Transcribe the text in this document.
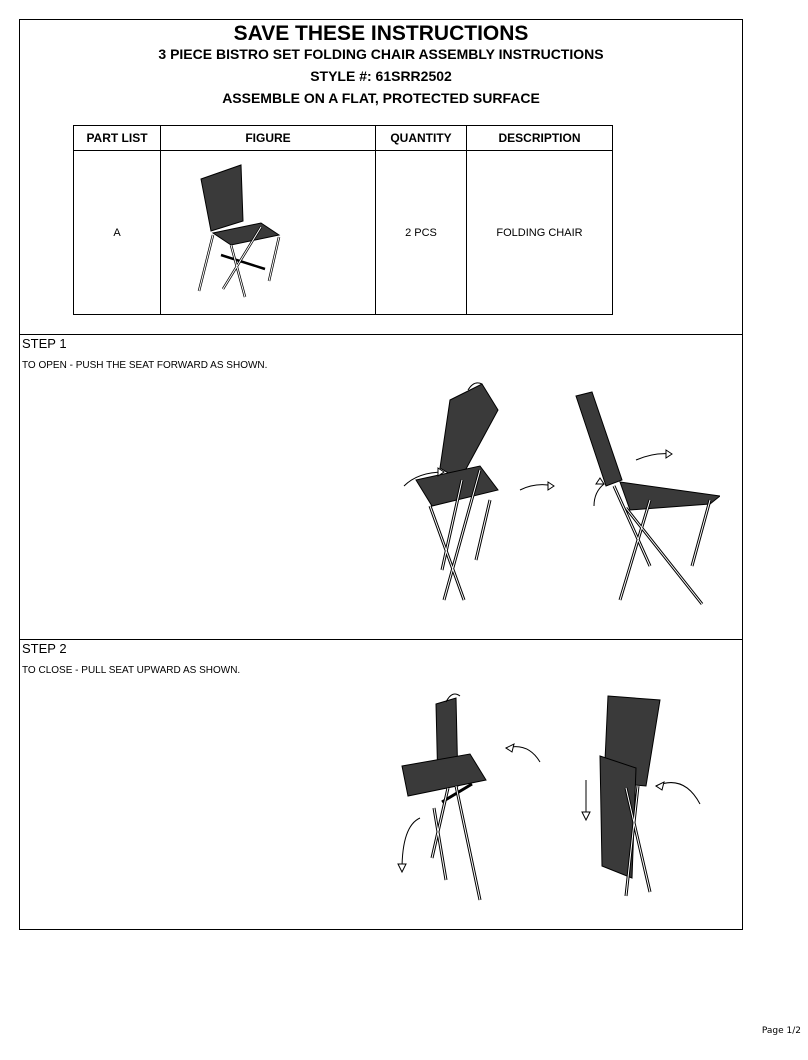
SAVE THESE INSTRUCTIONS
3 PIECE BISTRO SET FOLDING CHAIR ASSEMBLY INSTRUCTIONS
STYLE #: 61SRR2502
ASSEMBLE ON A FLAT, PROTECTED SURFACE
PART LIST	FIGURE	QUANTITY	DESCRIPTION
A		2 PCS	FOLDING CHAIR
STEP 1
TO OPEN - PUSH THE SEAT FORWARD AS SHOWN.
STEP 2
TO CLOSE - PULL SEAT UPWARD AS SHOWN.
Page 1/2
